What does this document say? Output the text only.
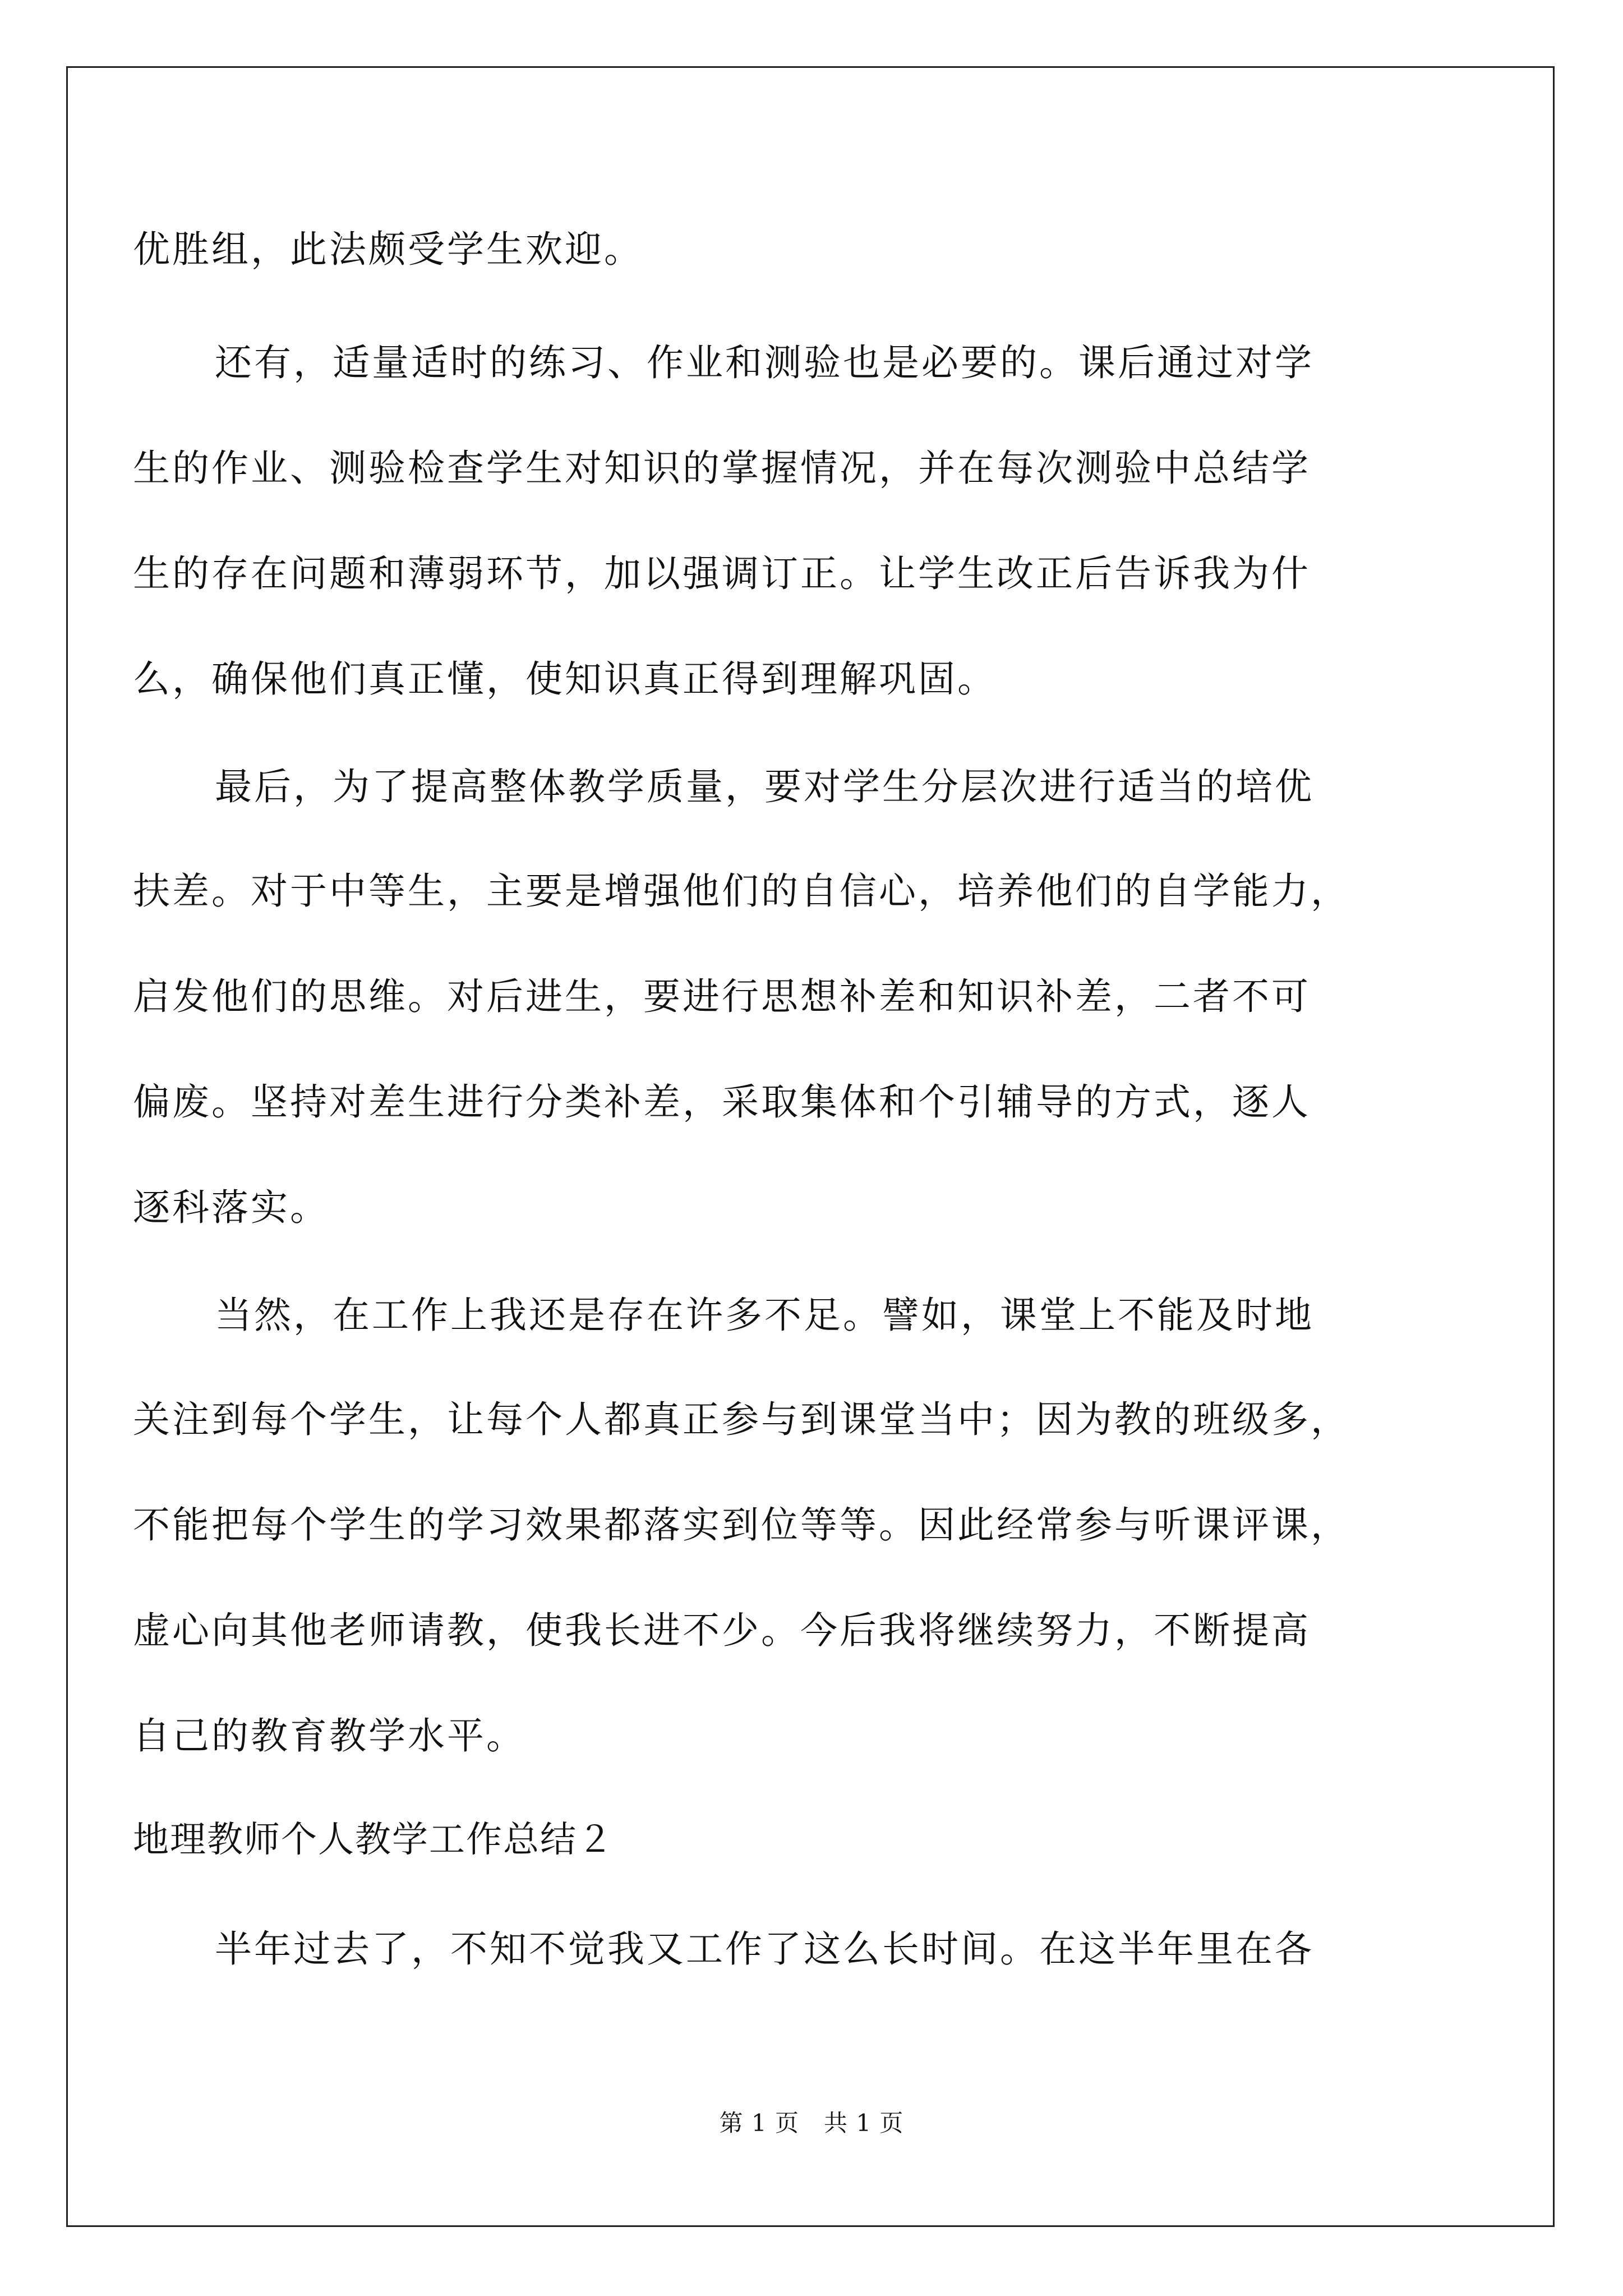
优胜组，此法颇受学生欢迎。
还有，适量适时的练习、作业和测验也是必要的。课后通过对学
生的作业、测验检查学生对知识的掌握情况，并在每次测验中总结学
生的存在问题和薄弱环节，加以强调订正。让学生改正后告诉我为什
么，确保他们真正懂，使知识真正得到理解巩固。
最后，为了提高整体教学质量，要对学生分层次进行适当的培优
扶差。对于中等生，主要是增强他们的自信心，培养他们的自学能力，
启发他们的思维。对后进生，要进行思想补差和知识补差，二者不可
偏废。坚持对差生进行分类补差，采取集体和个引辅导的方式，逐人
逐科落实。
当然，在工作上我还是存在许多不足。譬如，课堂上不能及时地
关注到每个学生，让每个人都真正参与到课堂当中；因为教的班级多，
不能把每个学生的学习效果都落实到位等等。因此经常参与听课评课，
虚心向其他老师请教，使我长进不少。今后我将继续努力，不断提高
自己的教育教学水平。
地理教师个人教学工作总结２
半年过去了，不知不觉我又工作了这么长时间。在这半年里在各
第 1 页 共 1 页
